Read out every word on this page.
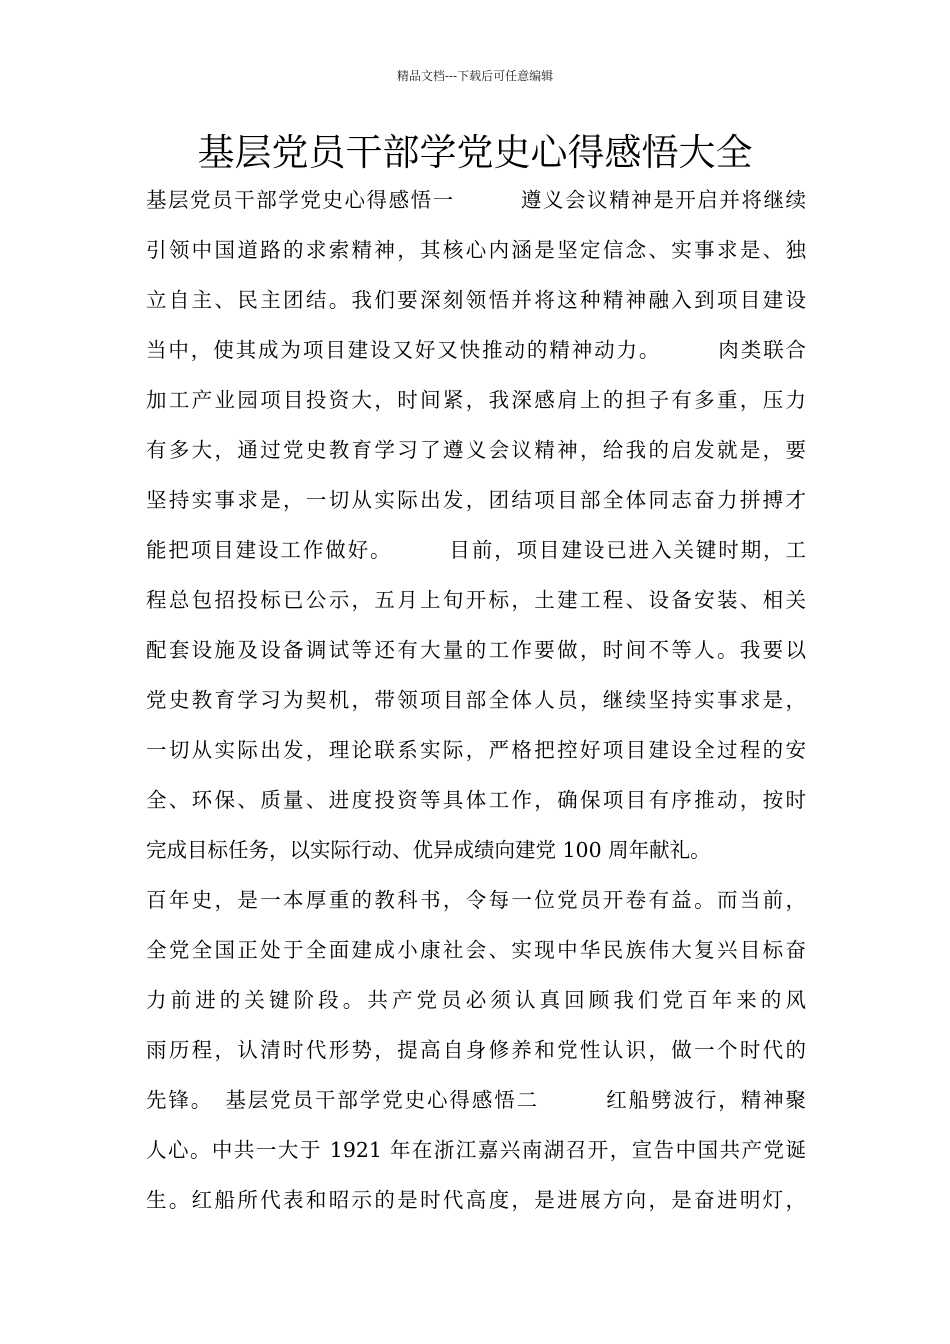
精品文档---下载后可任意编辑
基层党员干部学党史心得感悟大全
基层党员干部学党史心得感悟一　　　遵义会议精神是开启并将继续
引领中国道路的求索精神，其核心内涵是坚定信念、实事求是、独
立自主、民主团结。我们要深刻领悟并将这种精神融入到项目建设
当中，使其成为项目建设又好又快推动的精神动力。　　　肉类联合
加工产业园项目投资大，时间紧，我深感肩上的担子有多重，压力
有多大，通过党史教育学习了遵义会议精神，给我的启发就是，要
坚持实事求是，一切从实际出发，团结项目部全体同志奋力拼搏才
能把项目建设工作做好。　　　目前，项目建设已进入关键时期，工
程总包招投标已公示，五月上旬开标，土建工程、设备安装、相关
配套设施及设备调试等还有大量的工作要做，时间不等人。我要以
党史教育学习为契机，带领项目部全体人员，继续坚持实事求是，
一切从实际出发，理论联系实际，严格把控好项目建设全过程的安
全、环保、质量、进度投资等具体工作，确保项目有序推动，按时
完成目标任务，以实际行动、优异成绩向建党 100 周年献礼。
百年史，是一本厚重的教科书，令每一位党员开卷有益。而当前，
全党全国正处于全面建成小康社会、实现中华民族伟大复兴目标奋
力前进的关键阶段。共产党员必须认真回顾我们党百年来的风
雨历程，认清时代形势，提高自身修养和党性认识，做一个时代的
先锋。　基层党员干部学党史心得感悟二　　　红船劈波行，精神聚
人心。中共一大于 1921 年在浙江嘉兴南湖召开，宣告中国共产党诞
生。红船所代表和昭示的是时代高度，是进展方向，是奋进明灯，
